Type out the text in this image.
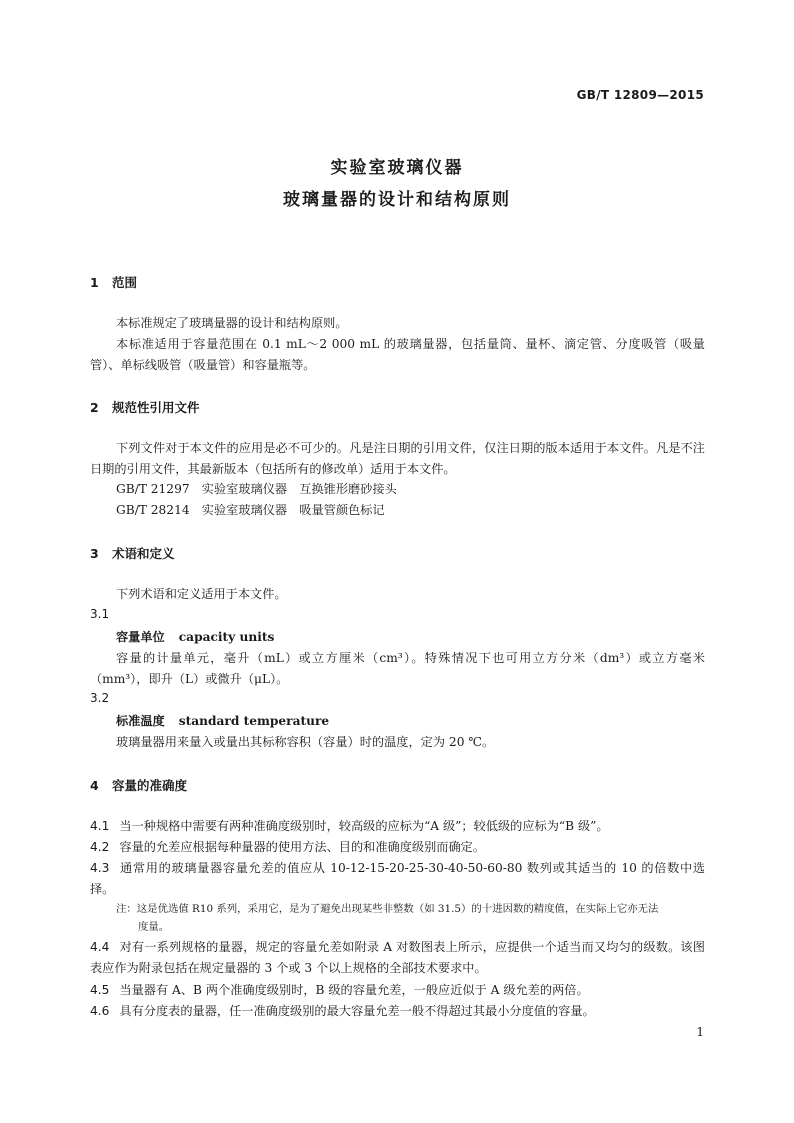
GB/T 12809—2015
实验室玻璃仪器
玻璃量器的设计和结构原则
1 范围
本标准规定了玻璃量器的设计和结构原则。
本标准适用于容量范围在 0.1 mL～2 000 mL 的玻璃量器，包括量筒、量杯、滴定管、分度吸管（吸量管）、单标线吸管（吸量管）和容量瓶等。
2 规范性引用文件
下列文件对于本文件的应用是必不可少的。凡是注日期的引用文件，仅注日期的版本适用于本文件。凡是不注日期的引用文件，其最新版本（包括所有的修改单）适用于本文件。
GB/T 21297　实验室玻璃仪器　互换锥形磨砂接头
GB/T 28214　实验室玻璃仪器　吸量管颜色标记
3 术语和定义
下列术语和定义适用于本文件。
3.1
容量单位 capacity units
容量的计量单元，毫升（mL）或立方厘米（cm³）。特殊情况下也可用立方分米（dm³）或立方毫米（mm³），即升（L）或微升（μL）。
3.2
标准温度 standard temperature
玻璃量器用来量入或量出其标称容积（容量）时的温度，定为 20 ℃。
4 容量的准确度
4.1 当一种规格中需要有两种准确度级别时，较高级的应标为“A 级”；较低级的应标为“B 级”。
4.2 容量的允差应根据每种量器的使用方法、目的和准确度级别而确定。
4.3 通常用的玻璃量器容量允差的值应从 10-12-15-20-25-30-40-50-60-80 数列或其适当的 10 的倍数中选择。
注：这是优选值 R10 系列，采用它，是为了避免出现某些非整数（如 31.5）的十进因数的精度值，在实际上它亦无法
度量。
4.4 对有一系列规格的量器，规定的容量允差如附录 A 对数图表上所示，应提供一个适当而又均匀的级数。该图表应作为附录包括在规定量器的 3 个或 3 个以上规格的全部技术要求中。
4.5 当量器有 A、B 两个准确度级别时，B 级的容量允差，一般应近似于 A 级允差的两倍。
4.6 具有分度表的量器，任一准确度级别的最大容量允差一般不得超过其最小分度值的容量。
1
